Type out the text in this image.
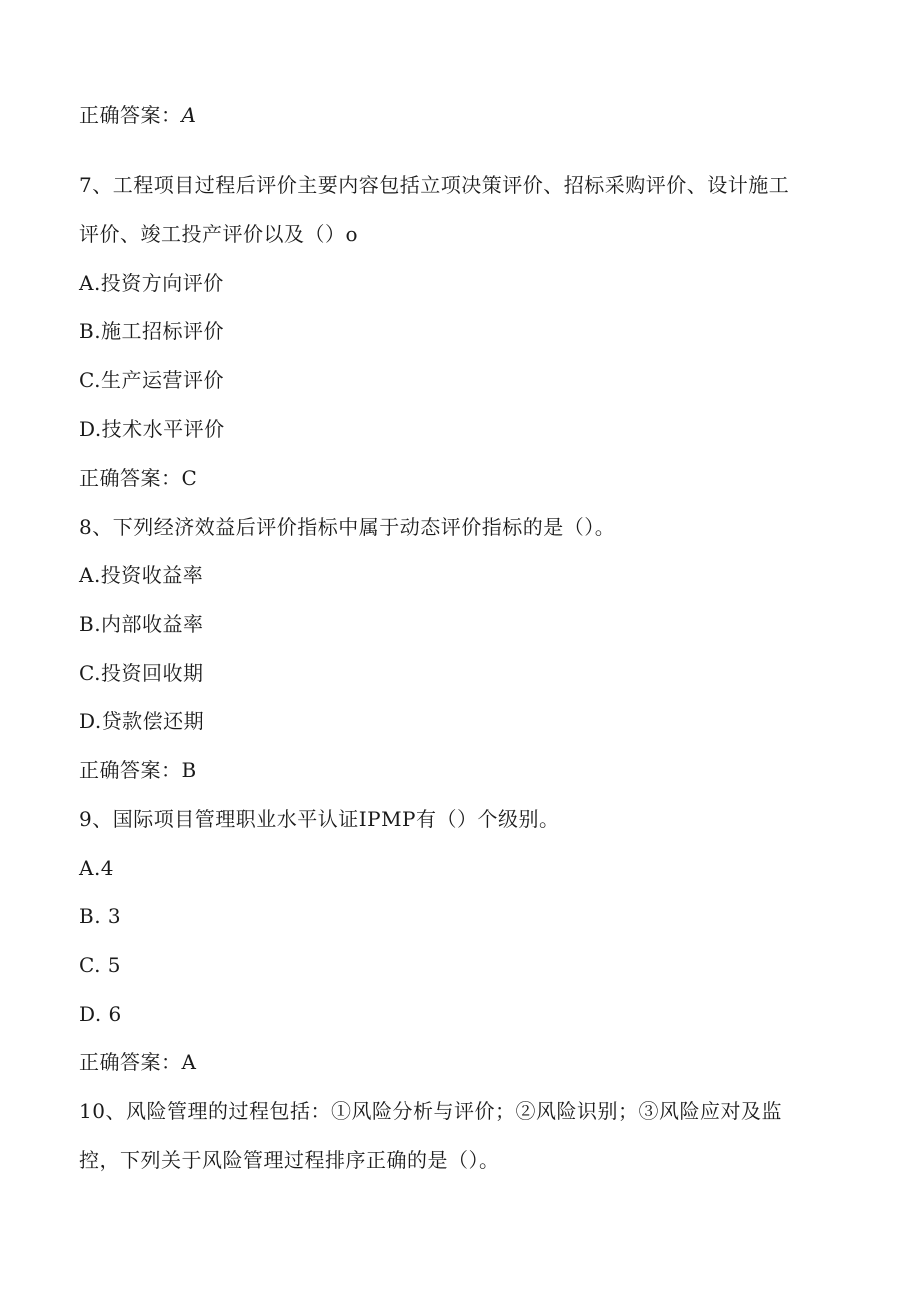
正确答案：A
7、工程项目过程后评价主要内容包括立项决策评价、招标采购评价、设计施工
评价、竣工投产评价以及（）o
A.投资方向评价
B.施工招标评价
C.生产运营评价
D.技术水平评价
正确答案：C
8、下列经济效益后评价指标中属于动态评价指标的是（）。
A.投资收益率
B.内部收益率
C.投资回收期
D.贷款偿还期
正确答案：B
9、国际项目管理职业水平认证IPMP有（）个级别。
A.4
B. 3
C. 5
D. 6
正确答案：A
10、风险管理的过程包括：①风险分析与评价；②风险识别；③风险应对及监
控，下列关于风险管理过程排序正确的是（）。
